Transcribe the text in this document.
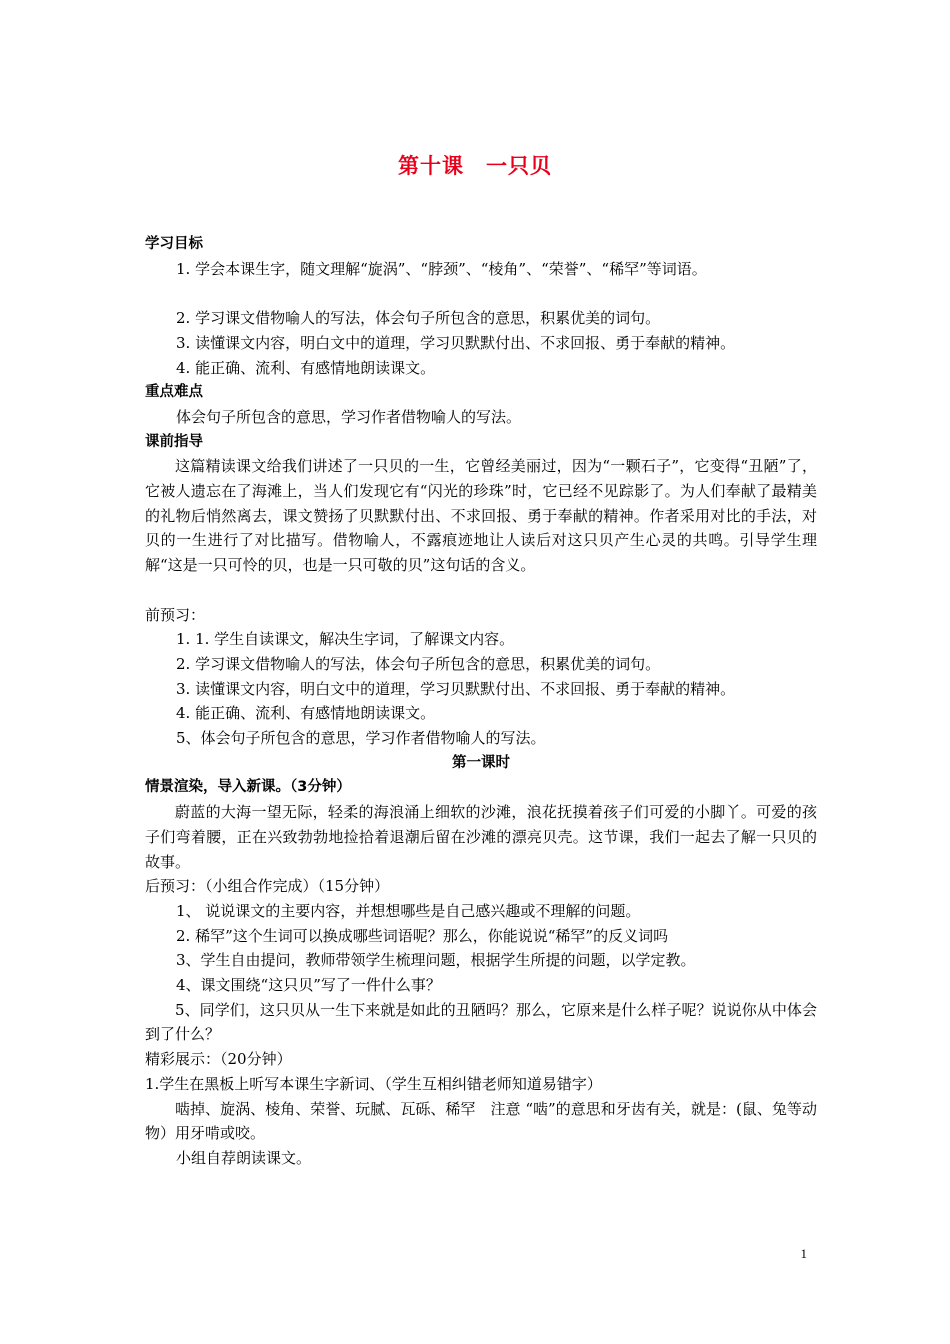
第十课　一只贝

学习目标

1. 学会本课生字，随文理解“旋涡”、“脖颈”、“棱角”、“荣誉”、“稀罕”等词语。

2. 学习课文借物喻人的写法，体会句子所包含的意思，积累优美的词句。

3. 读懂课文内容，明白文中的道理，学习贝默默付出、不求回报、勇于奉献的精神。

4. 能正确、流利、有感情地朗读课文。

重点难点

体会句子所包含的意思，学习作者借物喻人的写法。

课前指导

这篇精读课文给我们讲述了一只贝的一生，它曾经美丽过，因为“一颗石子”，它变得“丑陋”了，它被人遗忘在了海滩上，当人们发现它有“闪光的珍珠”时，它已经不见踪影了。为人们奉献了最精美的礼物后悄然离去，课文赞扬了贝默默付出、不求回报、勇于奉献的精神。作者采用对比的手法，对贝的一生进行了对比描写。借物喻人，不露痕迹地让人读后对这只贝产生心灵的共鸣。引导学生理解“这是一只可怜的贝，也是一只可敬的贝”这句话的含义。

前预习：

1. 1. 学生自读课文，解决生字词，了解课文内容。

2. 学习课文借物喻人的写法，体会句子所包含的意思，积累优美的词句。

3. 读懂课文内容，明白文中的道理，学习贝默默付出、不求回报、勇于奉献的精神。

4. 能正确、流利、有感情地朗读课文。

5、体会句子所包含的意思，学习作者借物喻人的写法。

第一课时

情景渲染，导入新课。（3分钟）

蔚蓝的大海一望无际，轻柔的海浪涌上细软的沙滩，浪花抚摸着孩子们可爱的小脚丫。可爱的孩子们弯着腰，正在兴致勃勃地捡拾着退潮后留在沙滩的漂亮贝壳。这节课，我们一起去了解一只贝的故事。

后预习：（小组合作完成）（15分钟）

1、 说说课文的主要内容，并想想哪些是自己感兴趣或不理解的问题。

2. 稀罕”这个生词可以换成哪些词语呢？那么，你能说说“稀罕”的反义词吗

3、学生自由提问，教师带领学生梳理问题，根据学生所提的问题，以学定教。

4、课文围绕“这只贝”写了一件什么事？

5、同学们，这只贝从一生下来就是如此的丑陋吗？那么，它原来是什么样子呢？说说你从中体会到了什么？

精彩展示：（20分钟）

1.学生在黑板上听写本课生字新词、（学生互相纠错老师知道易错字）

啮掉、旋涡、棱角、荣誉、玩腻、瓦砾、稀罕　注意 “啮”的意思和牙齿有关，就是：(鼠、兔等动物）用牙啃或咬。

小组自荐朗读课文。

1
